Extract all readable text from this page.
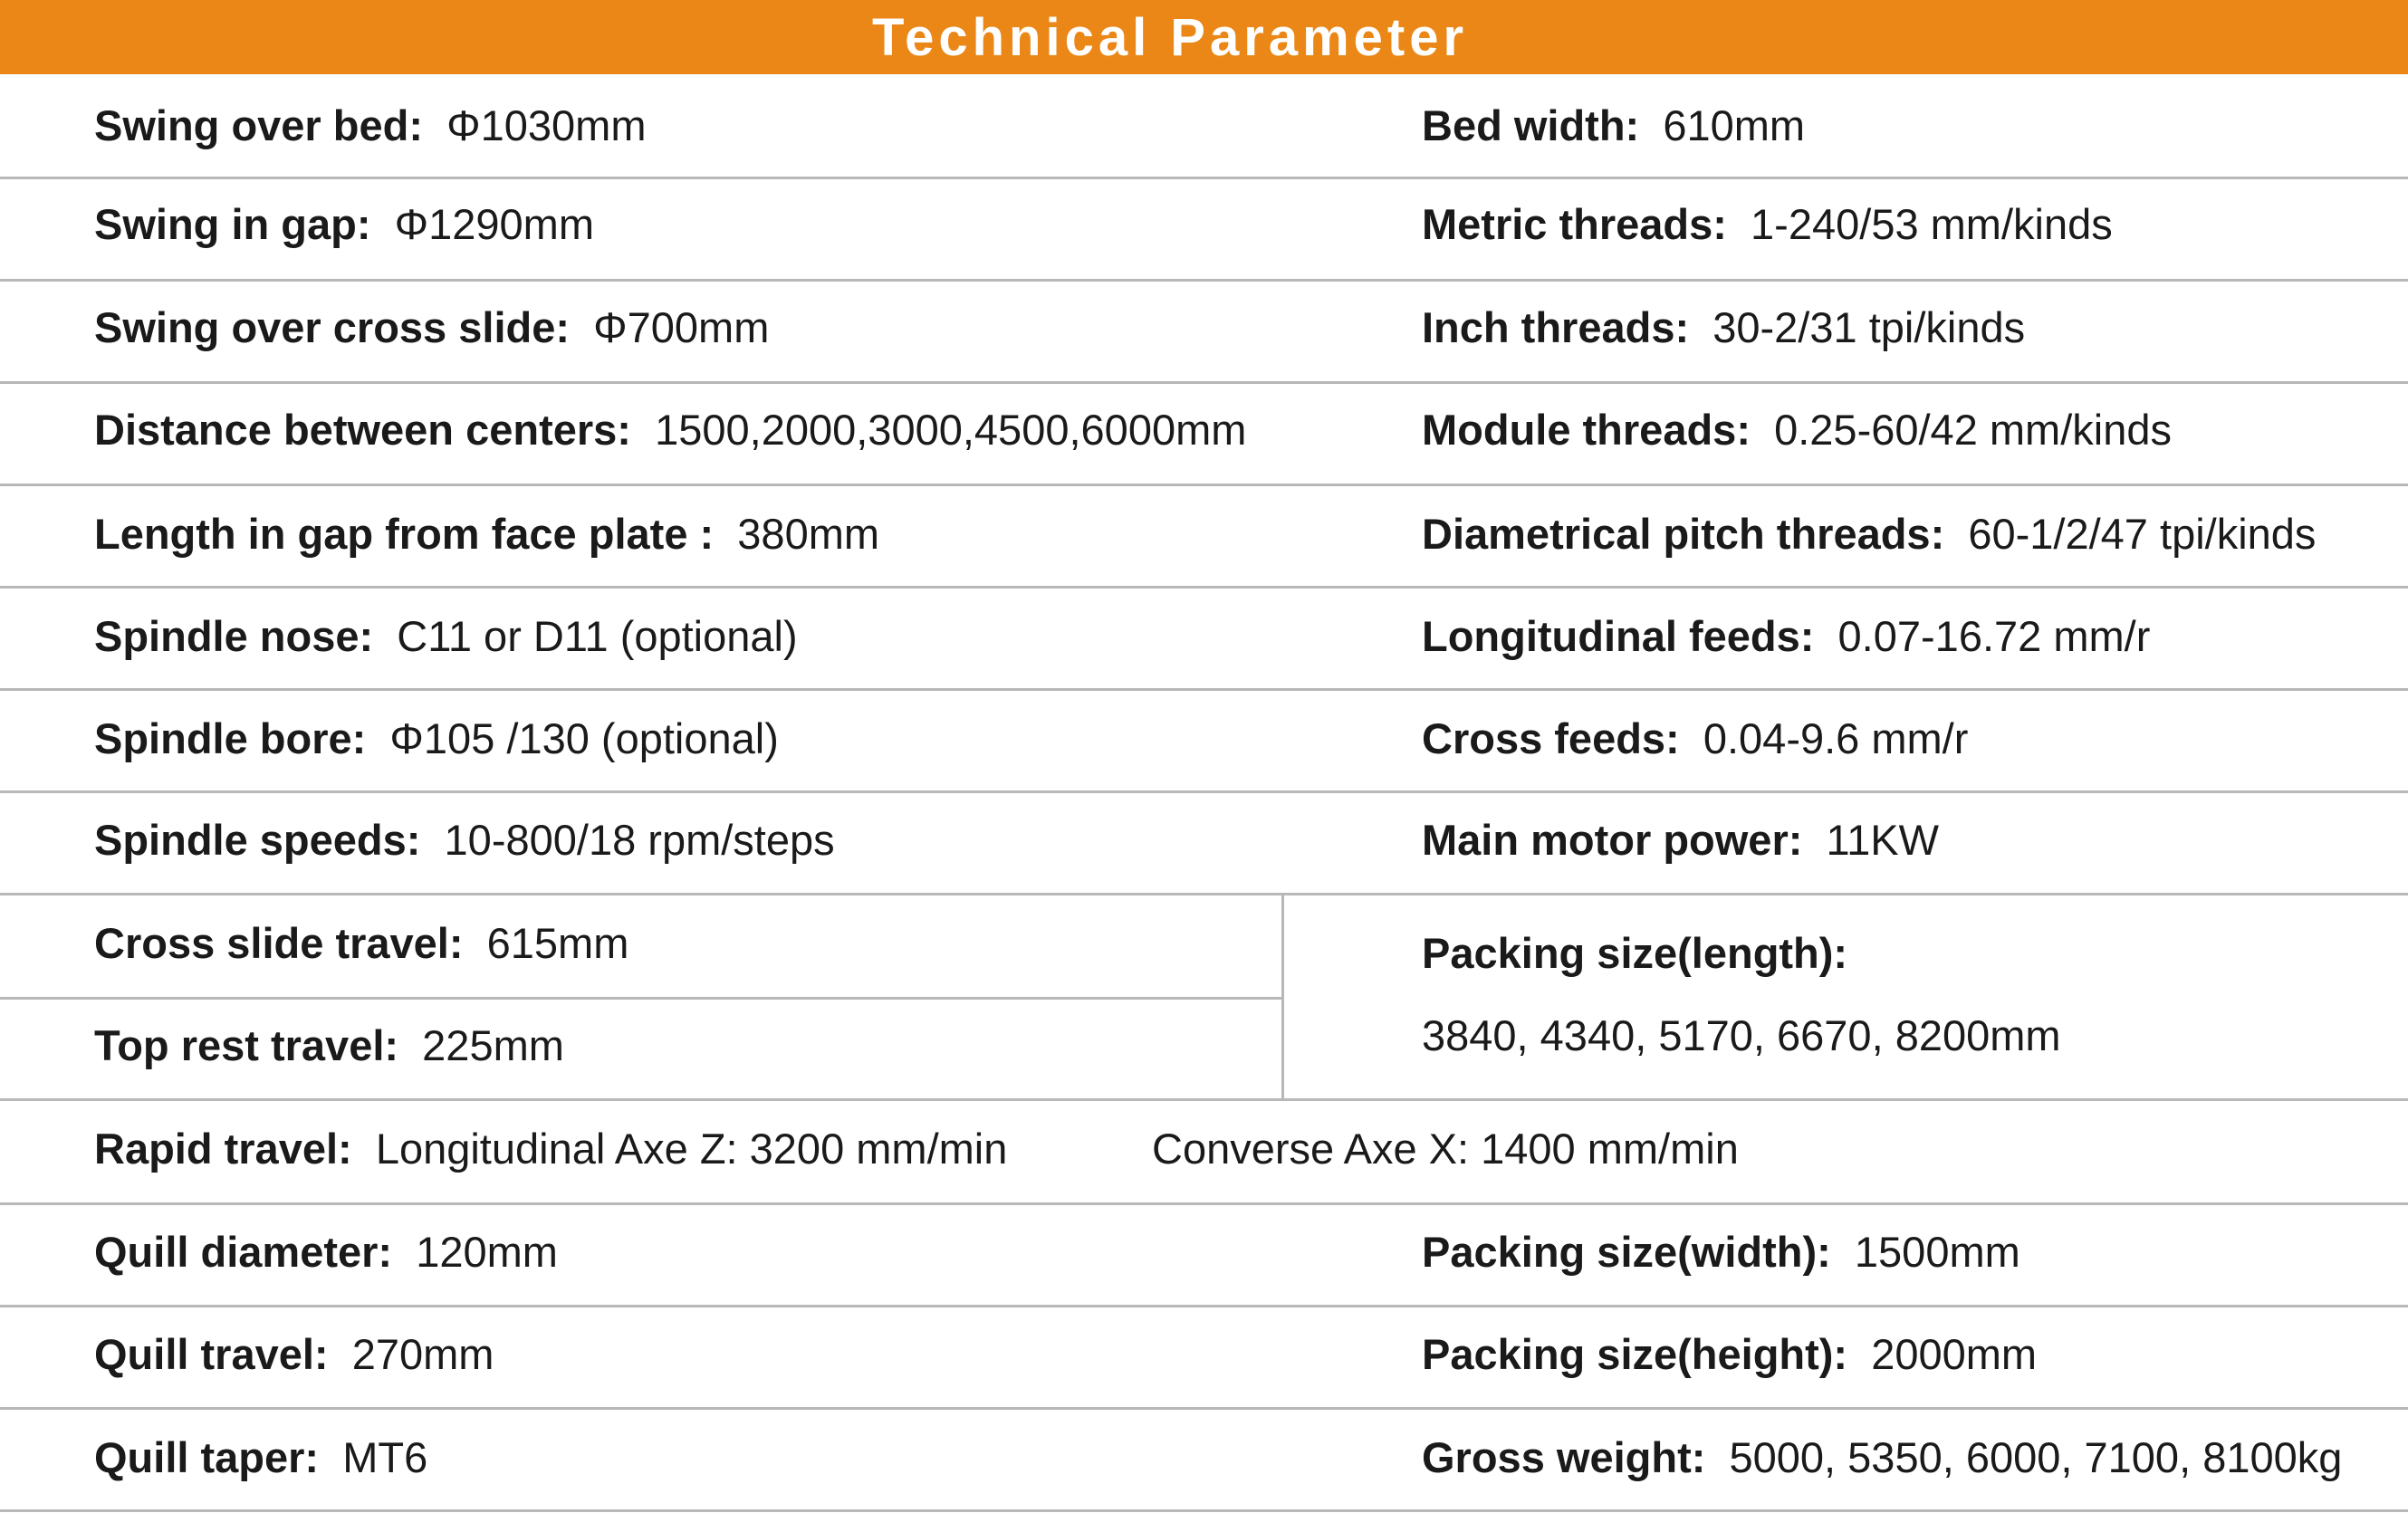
Technical Parameter
Swing over bed: Φ1030mm	Bed width: 610mm
Swing in gap: Φ1290mm	Metric threads: 1-240/53 mm/kinds
Swing over cross slide: Φ700mm	Inch threads: 30-2/31 tpi/kinds
Distance between centers: 1500,2000,3000,4500,6000mm	Module threads: 0.25-60/42 mm/kinds
Length in gap from face plate : 380mm	Diametrical pitch threads: 60-1/2/47 tpi/kinds
Spindle nose: C11 or D11 (optional)	Longitudinal feeds: 0.07-16.72 mm/r
Spindle bore: Φ105 /130 (optional)	Cross feeds: 0.04-9.6 mm/r
Spindle speeds: 10-800/18 rpm/steps	Main motor power: 11KW
Cross slide travel: 615mm
Top rest travel: 225mm
Packing size(length):
3840, 4340, 5170, 6670, 8200mm
Rapid travel: Longitudinal Axe Z: 3200 mm/min	Converse Axe X: 1400 mm/min
Quill diameter: 120mm	Packing size(width): 1500mm
Quill travel: 270mm	Packing size(height): 2000mm
Quill taper: MT6	Gross weight: 5000, 5350, 6000, 7100, 8100kg
